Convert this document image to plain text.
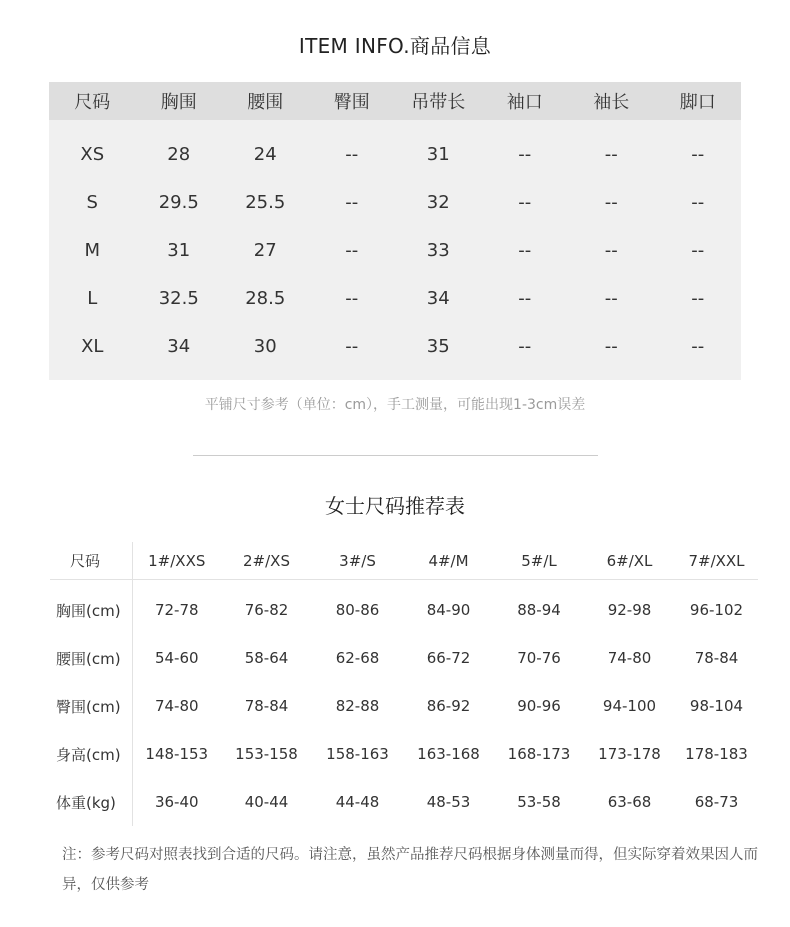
ITEM INFO.商品信息
尺码	胸围	腰围	臀围	吊带长	袖口	袖长	脚口
XS	28	24	--	31	--	--	--
S	29.5	25.5	--	32	--	--	--
M	31	27	--	33	--	--	--
L	32.5	28.5	--	34	--	--	--
XL	34	30	--	35	--	--	--
平铺尺寸参考（单位：cm），手工测量，可能出现1-3cm误差
女士尺码推荐表
尺码	1#/XXS	2#/XS	3#/S	4#/M	5#/L	6#/XL	7#/XXL
胸围(cm)	72-78	76-82	80-86	84-90	88-94	92-98	96-102
腰围(cm)	54-60	58-64	62-68	66-72	70-76	74-80	78-84
臀围(cm)	74-80	78-84	82-88	86-92	90-96	94-100	98-104
身高(cm)	148-153	153-158	158-163	163-168	168-173	173-178	178-183
体重(kg)	36-40	40-44	44-48	48-53	53-58	63-68	68-73
注：参考尺码对照表找到合适的尺码。请注意，虽然产品推荐尺码根据身体测量而得，但实际穿着效果因人而异，仅供参考
